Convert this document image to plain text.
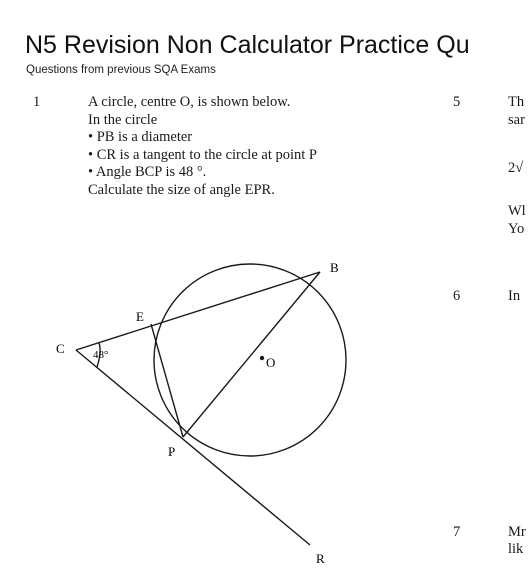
N5 Revision Non Calculator Practice Qu
Questions from previous SQA Exams
1	A circle, centre O, is shown below.
In the circle
• PB is a diameter
• CR is a tangent to the circle at point P
• Angle BCP is 48 °.
Calculate the size of angle EPR.
5	Th
sar
2√
Wl
Yo
6	In
7	Mr
lik
B
E
C
O
P
R
48°
